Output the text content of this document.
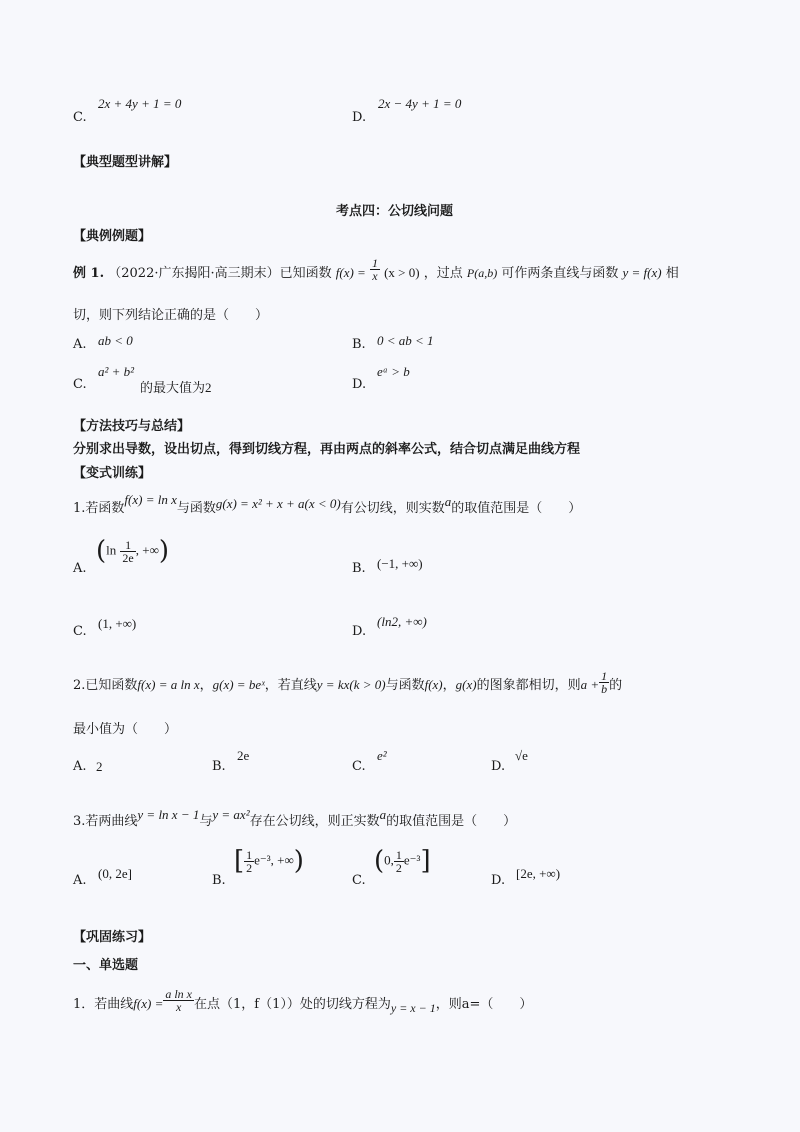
C.
2x + 4y + 1 = 0
D.
2x − 4y + 1 = 0
【典型题型讲解】
考点四：公切线问题
【典例例题】
例 1. （2022·广东揭阳·高三期末）已知函数 $f(x) = \frac{1}{x} (x > 0)$ ，过点 P(a,b) 可作两条直线与函数 y = f(x) 相
切，则下列结论正确的是（　　）
A. ab < 0	B. 0 < ab < 1
C.
a² + b²
的最大值为2	D.
eᵃ > b
【方法技巧与总结】
分别求出导数，设出切点，得到切线方程，再由两点的斜率公式，结合切点满足曲线方程
【变式训练】
1.若函数f(x) = ln x与函数g(x) = x² + x + a(x < 0)有公切线，则实数a的取值范围是（　　）
A.
($\ln \frac{1}{2e}$ , +∞)
B. (−1, +∞)
C.
(1, +∞)
D.
(ln2, +∞)
2.已知函数f(x) = a ln x，g(x) = beˣ，若直线y = kx(k > 0)与函数f(x)，g(x)的图象都相切，则$a + \frac{1}{b}$ 的
最小值为（　　）
A. 2	B.
2e
C.
e²
D.
√e
3.若两曲线y = ln x − 1与y = ax²存在公切线，则正实数a的取值范围是（　　）
A. (0, 2e]	B.
[ $\frac{1}{2} e^{-3}$, +∞)
C.
(0, $\frac{1}{2} e^{-3}$]
D. [2e, +∞)
【巩固练习】
一、单选题
1．若曲线$f(x) = \frac{\text{a ln x}}{x}$ 在点（1，f（1））处的切线方程为y = x − 1，则a=（　　）
